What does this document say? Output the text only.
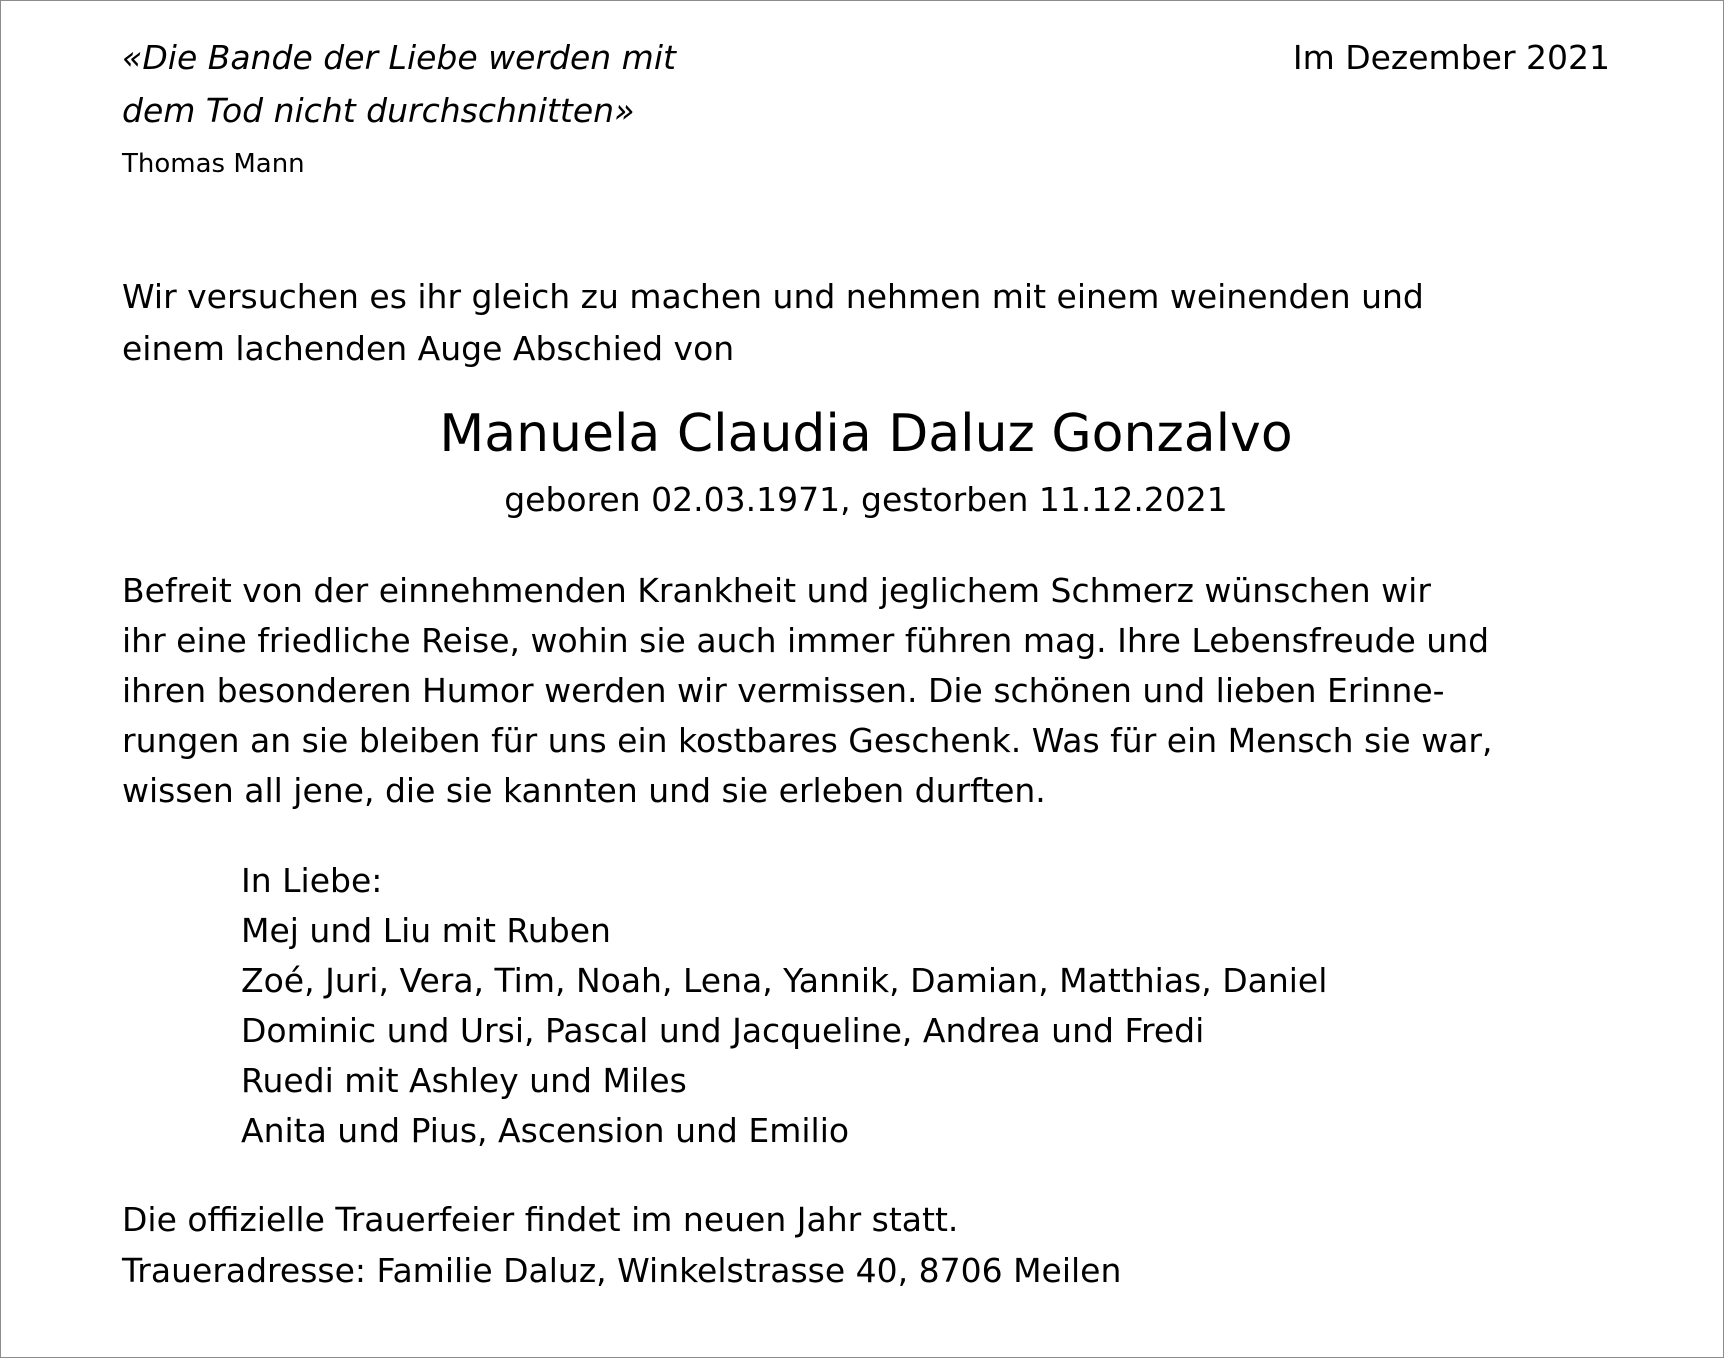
«Die Bande der Liebe werden mit
dem Tod nicht durchschnitten»
Im Dezember 2021
Thomas Mann
Wir versuchen es ihr gleich zu machen und nehmen mit einem weinenden und
einem lachenden Auge Abschied von
Manuela Claudia Daluz Gonzalvo
geboren 02.03.1971, gestorben 11.12.2021
Befreit von der einnehmenden Krankheit und jeglichem Schmerz wünschen wir
ihr eine friedliche Reise, wohin sie auch immer führen mag. Ihre Lebensfreude und
ihren besonderen Humor werden wir vermissen. Die schönen und lieben Erinne-
rungen an sie bleiben für uns ein kostbares Geschenk. Was für ein Mensch sie war,
wissen all jene, die sie kannten und sie erleben durften.
In Liebe:
Mej und Liu mit Ruben
Zoé, Juri, Vera, Tim, Noah, Lena, Yannik, Damian, Matthias, Daniel
Dominic und Ursi, Pascal und Jacqueline, Andrea und Fredi
Ruedi mit Ashley und Miles
Anita und Pius, Ascension und Emilio
Die offizielle Trauerfeier findet im neuen Jahr statt.
Traueradresse: Familie Daluz, Winkelstrasse 40, 8706 Meilen
